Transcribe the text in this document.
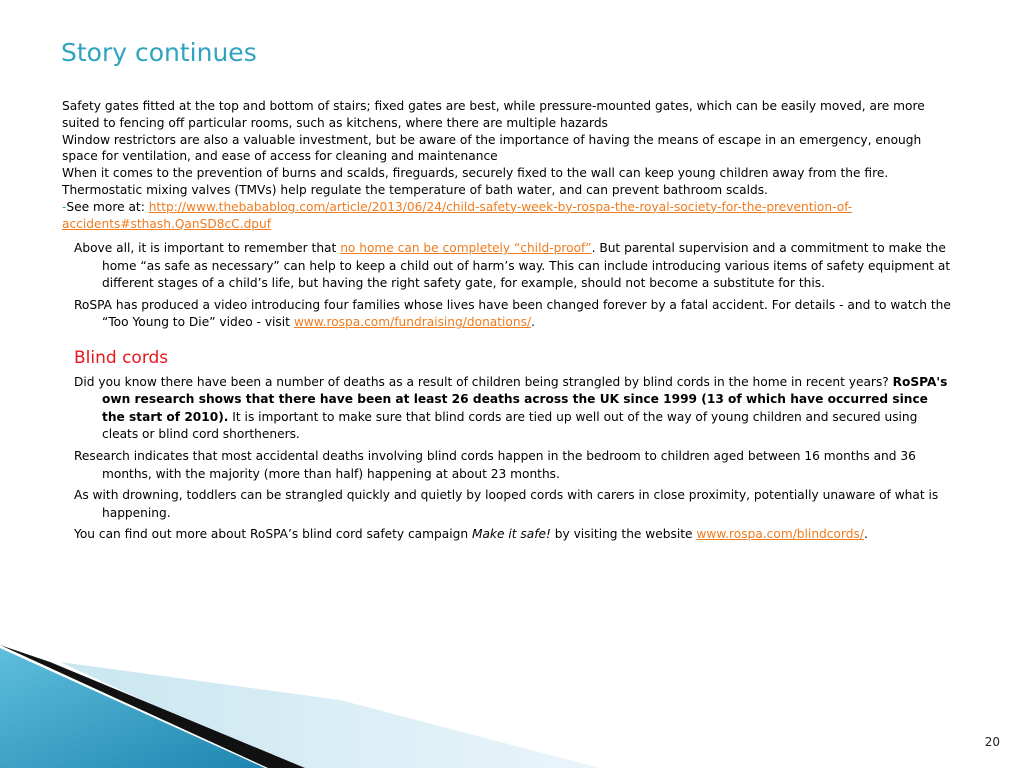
Story continues

Safety gates fitted at the top and bottom of stairs; fixed gates are best, while pressure-mounted gates, which can be easily moved, are more suited to fencing off particular rooms, such as kitchens, where there are multiple hazards

Window restrictors are also a valuable investment, but be aware of the importance of having the means of escape in an emergency, enough space for ventilation, and ease of access for cleaning and maintenance

When it comes to the prevention of burns and scalds, fireguards, securely fixed to the wall can keep young children away from the fire. Thermostatic mixing valves (TMVs) help regulate the temperature of bath water, and can prevent bathroom scalds.

-See more at: http://www.thebabablog.com/article/2013/06/24/child-safety-week-by-rospa-the-royal-society-for-the-prevention-of-accidents#sthash.QanSD8cC.dpuf

Above all, it is important to remember that no home can be completely “child-proof”. But parental supervision and a commitment to make the home “as safe as necessary” can help to keep a child out of harm’s way. This can include introducing various items of safety equipment at different stages of a child’s life, but having the right safety gate, for example, should not become a substitute for this.

RoSPA has produced a video introducing four families whose lives have been changed forever by a fatal accident. For details - and to watch the “Too Young to Die” video - visit www.rospa.com/fundraising/donations/.

Blind cords

Did you know there have been a number of deaths as a result of children being strangled by blind cords in the home in recent years? RoSPA's own research shows that there have been at least 26 deaths across the UK since 1999 (13 of which have occurred since the start of 2010). It is important to make sure that blind cords are tied up well out of the way of young children and secured using cleats or blind cord shortheners.

Research indicates that most accidental deaths involving blind cords happen in the bedroom to children aged between 16 months and 36 months, with the majority (more than half) happening at about 23 months.

As with drowning, toddlers can be strangled quickly and quietly by looped cords with carers in close proximity, potentially unaware of what is happening.

You can find out more about RoSPA’s blind cord safety campaign Make it safe! by visiting the website www.rospa.com/blindcords/.

20
